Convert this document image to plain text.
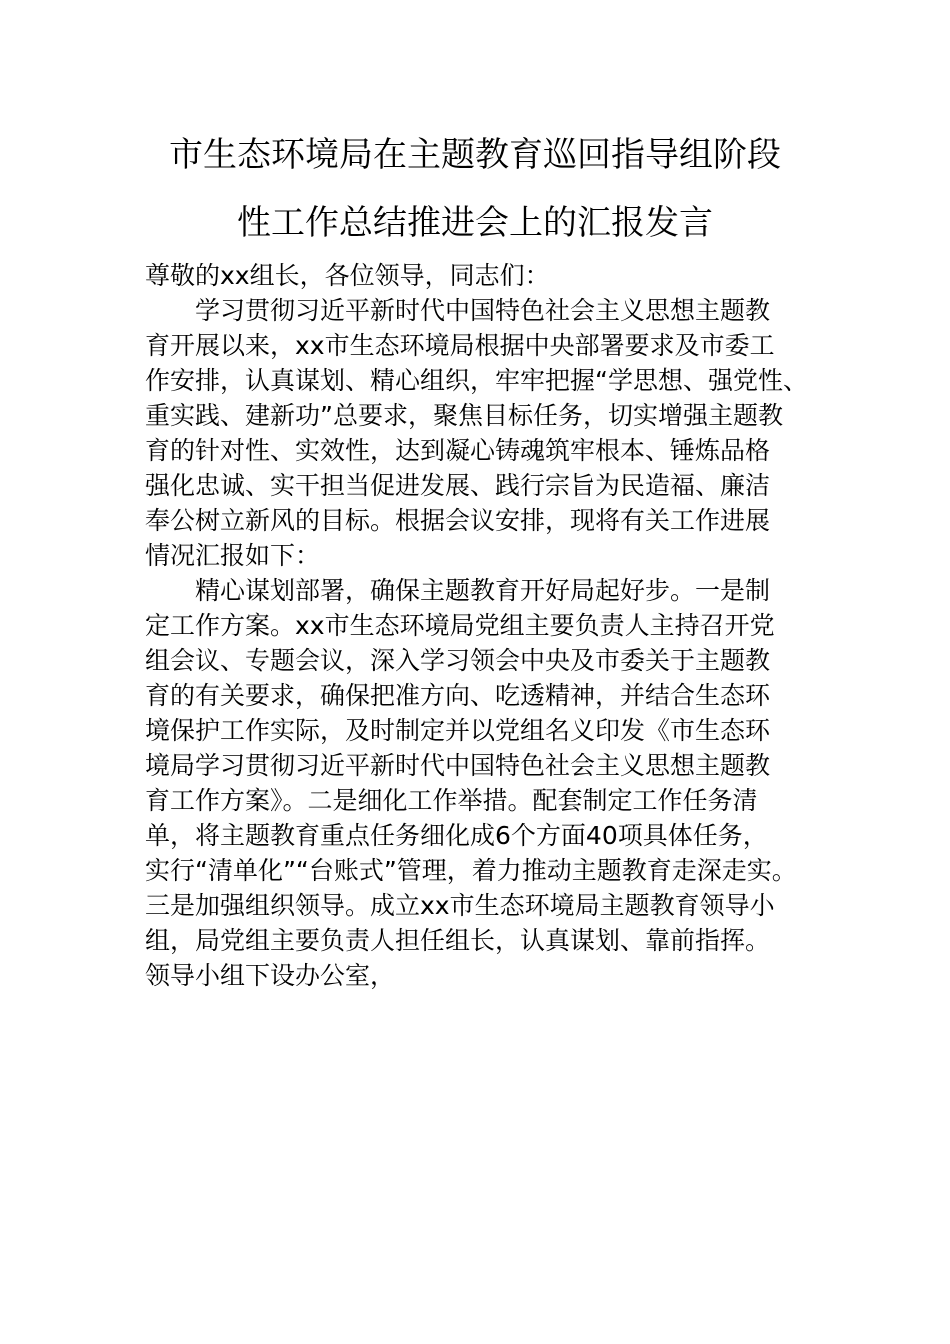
市生态环境局在主题教育巡回指导组阶段
性工作总结推进会上的汇报发言
尊敬的xx组长，各位领导，同志们：
学习贯彻习近平新时代中国特色社会主义思想主题教
育开展以来，xx市生态环境局根据中央部署要求及市委工
作安排，认真谋划、精心组织，牢牢把握“学思想、强党性、
重实践、建新功”总要求，聚焦目标任务，切实增强主题教
育的针对性、实效性，达到凝心铸魂筑牢根本、锤炼品格
强化忠诚、实干担当促进发展、践行宗旨为民造福、廉洁
奉公树立新风的目标。根据会议安排，现将有关工作进展
情况汇报如下：
精心谋划部署，确保主题教育开好局起好步。一是制
定工作方案。xx市生态环境局党组主要负责人主持召开党
组会议、专题会议，深入学习领会中央及市委关于主题教
育的有关要求，确保把准方向、吃透精神，并结合生态环
境保护工作实际，及时制定并以党组名义印发《市生态环
境局学习贯彻习近平新时代中国特色社会主义思想主题教
育工作方案》。二是细化工作举措。配套制定工作任务清
单，将主题教育重点任务细化成6个方面40项具体任务，
实行“清单化”“台账式”管理，着力推动主题教育走深走实。
三是加强组织领导。成立xx市生态环境局主题教育领导小
组，局党组主要负责人担任组长，认真谋划、靠前指挥。
领导小组下设办公室，
